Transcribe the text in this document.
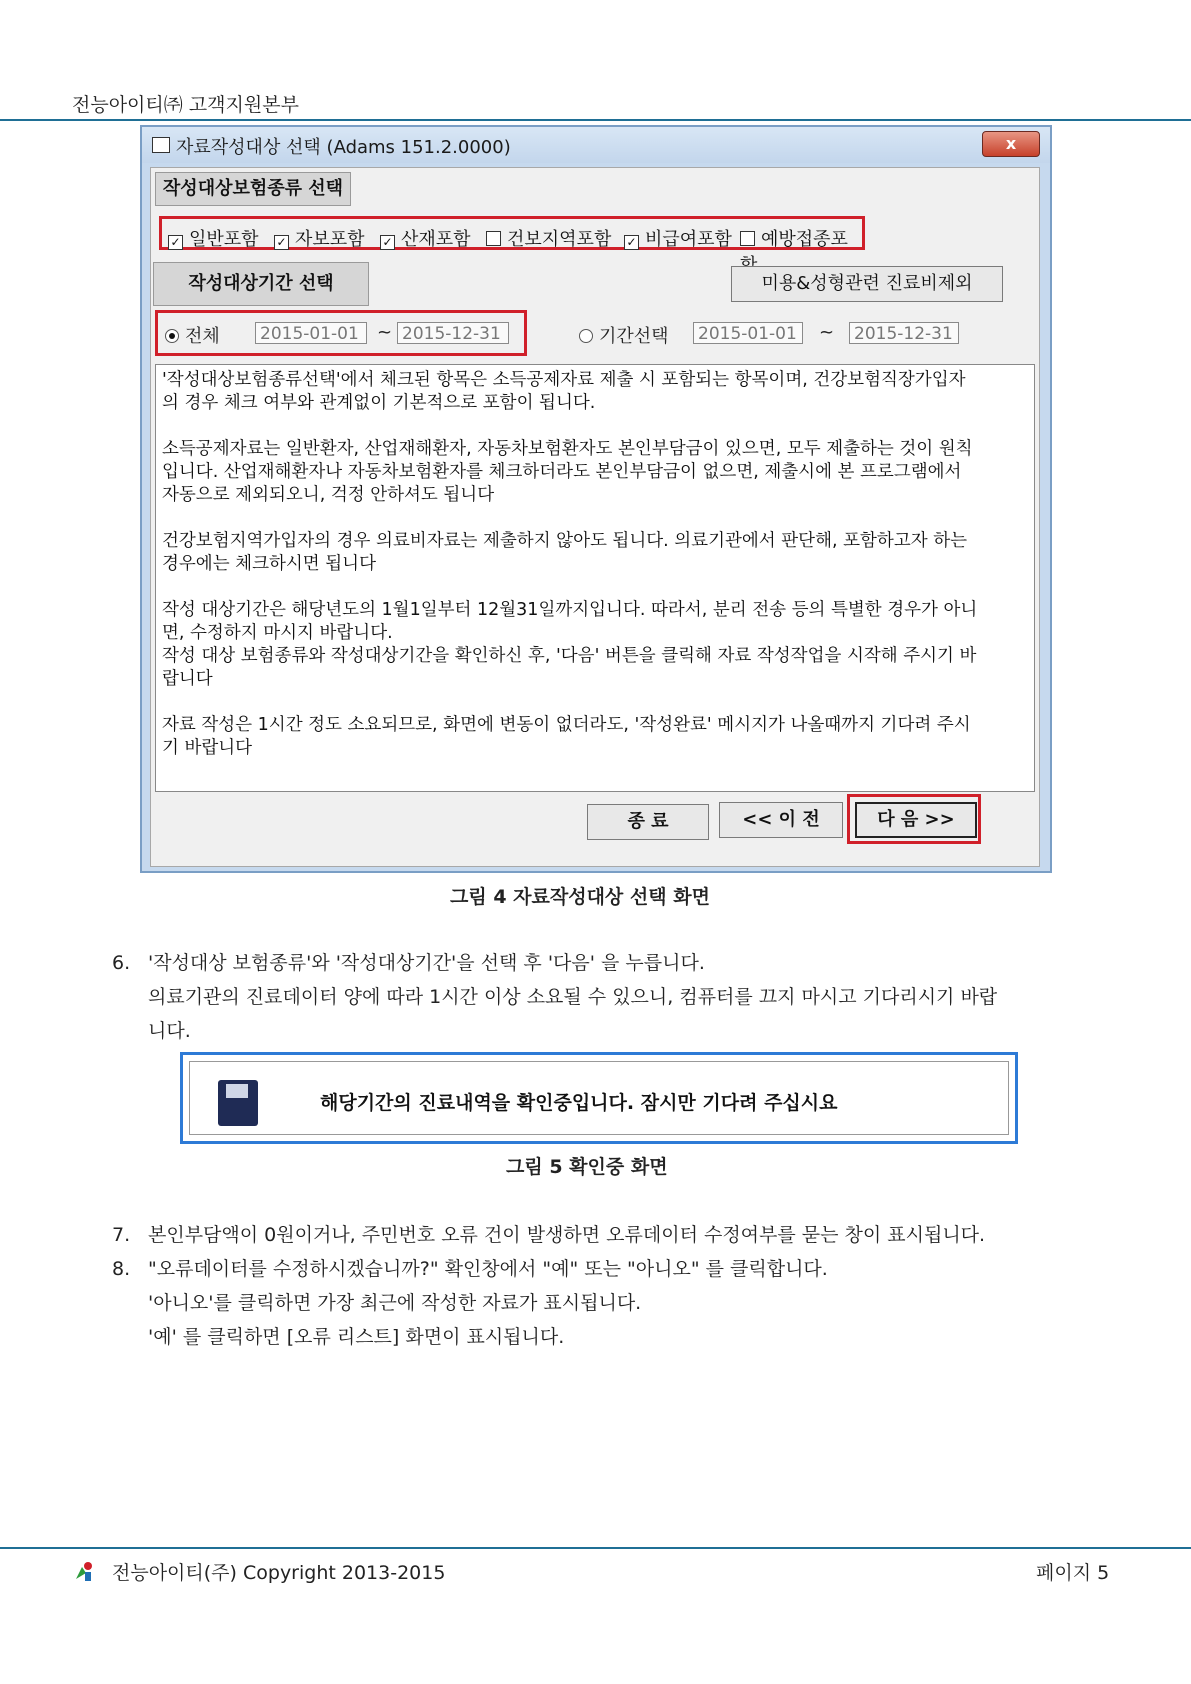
전능아이티㈜ 고객지원본부
자료작성대상 선택 (Adams 151.2.0000)	x
작성대상보험종류 선택
✓ 일반포함 ✓ 자보포함 ✓ 산재포함	건보지역포함 ✓ 비급여포함	예방접종포
작성대상기간 선택	미용&성형관련 진료비제외
전체 2015-01-01	~ 2015-12-31	기간선택 2015-01-01	~ 2015-12-31
'작성대상보험종류선택'에서 체크된 항목은 소득공제자료 제출 시 포함되는 항목이며, 건강보험직장가입자
의 경우 체크 여부와 관계없이 기본적으로 포함이 됩니다.

소득공제자료는 일반환자, 산업재해환자, 자동차보험환자도 본인부담금이 있으면, 모두 제출하는 것이 원칙
입니다. 산업재해환자나 자동차보험환자를 체크하더라도 본인부담금이 없으면, 제출시에 본 프로그램에서
자동으로 제외되오니, 걱정 안하셔도 됩니다

건강보험지역가입자의 경우 의료비자료는 제출하지 않아도 됩니다. 의료기관에서 판단해, 포함하고자 하는
경우에는 체크하시면 됩니다

작성 대상기간은 해당년도의 1월1일부터 12월31일까지입니다. 따라서, 분리 전송 등의 특별한 경우가 아니
면, 수정하지 마시지 바랍니다.
작성 대상 보험종류와 작성대상기간을 확인하신 후, '다음' 버튼을 클릭해 자료 작성작업을 시작해 주시기 바
랍니다

자료 작성은 1시간 정도 소요되므로, 화면에 변동이 없더라도, '작성완료' 메시지가 나올때까지 기다려 주시
기 바랍니다
종 료	<< 이 전	다 음 >>
그림 4 자료작성대상 선택 화면
6. '작성대상 보험종류'와 '작성대상기간'을 선택 후 '다음' 을 누릅니다.
의료기관의 진료데이터 양에 따라 1시간 이상 소요될 수 있으니, 컴퓨터를 끄지 마시고 기다리시기 바랍
니다.
해당기간의 진료내역을 확인중입니다. 잠시만 기다려 주십시요
그림 5 확인중 화면
7. 본인부담액이 0원이거나, 주민번호 오류 건이 발생하면 오류데이터 수정여부를 묻는 창이 표시됩니다.
8. "오류데이터를 수정하시겠습니까?" 확인창에서 "예" 또는 "아니오" 를 클릭합니다.
'아니오'를 클릭하면 가장 최근에 작성한 자료가 표시됩니다.
'예' 를 클릭하면 [오류 리스트] 화면이 표시됩니다.
전능아이티(주) Copyright 2013-2015	페이지 5
